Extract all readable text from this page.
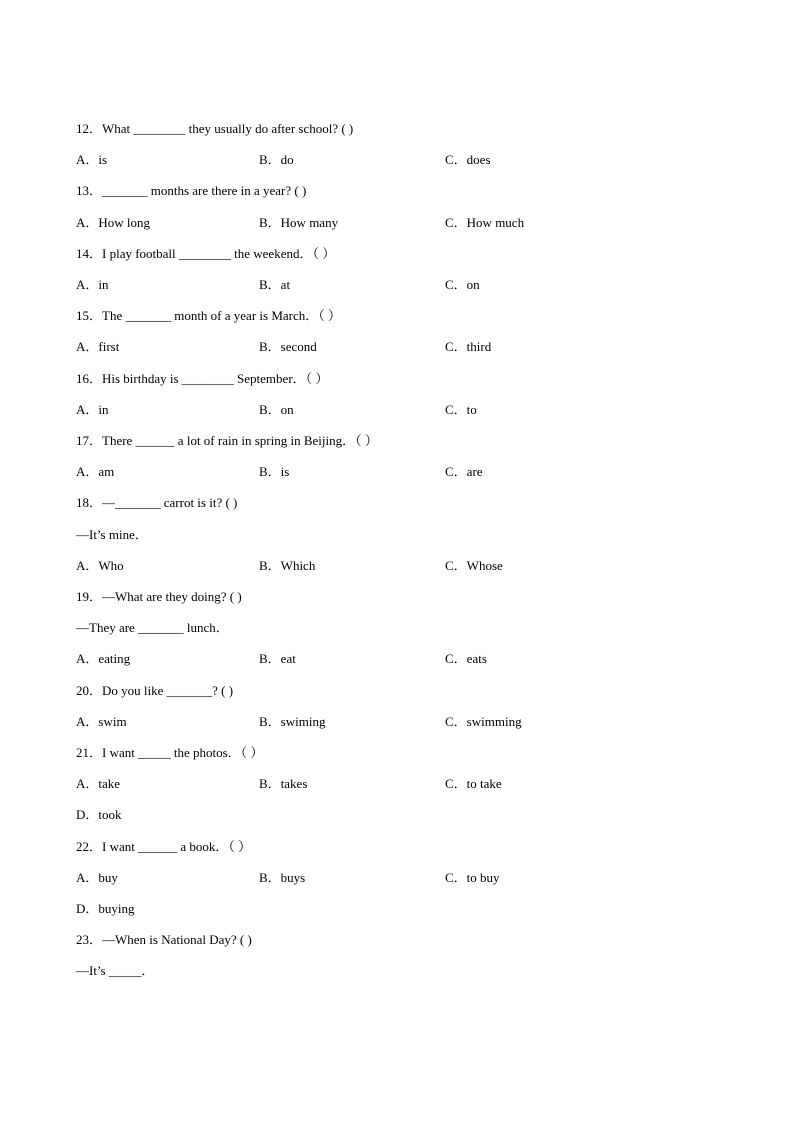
12．What ________ they usually do after school? ( )
A．is	B．do	C．does
13．_______ months are there in a year? ( )
A．How long	B．How many	C．How much
14．I play football ________ the weekend．（ ）
A．in	B．at	C．on
15．The _______ month of a year is March．（ ）
A．first	B．second	C．third
16．His birthday is ________ September．（ ）
A．in	B．on	C．to
17．There ______ a lot of rain in spring in Beijing．（ ）
A．am	B．is	C．are
18．—_______ carrot is it? ( )
—It’s mine．
A．Who	B．Which	C．Whose
19．—What are they doing? ( )
—They are _______ lunch．
A．eating	B．eat	C．eats
20．Do you like _______? ( )
A．swim	B．swiming	C．swimming
21．I want _____ the photos．（ ）
A．take	B．takes	C．to take
D．took
22．I want ______ a book．（ ）
A．buy	B．buys	C．to buy
D．buying
23．—When is National Day? ( )
—It’s _____．
